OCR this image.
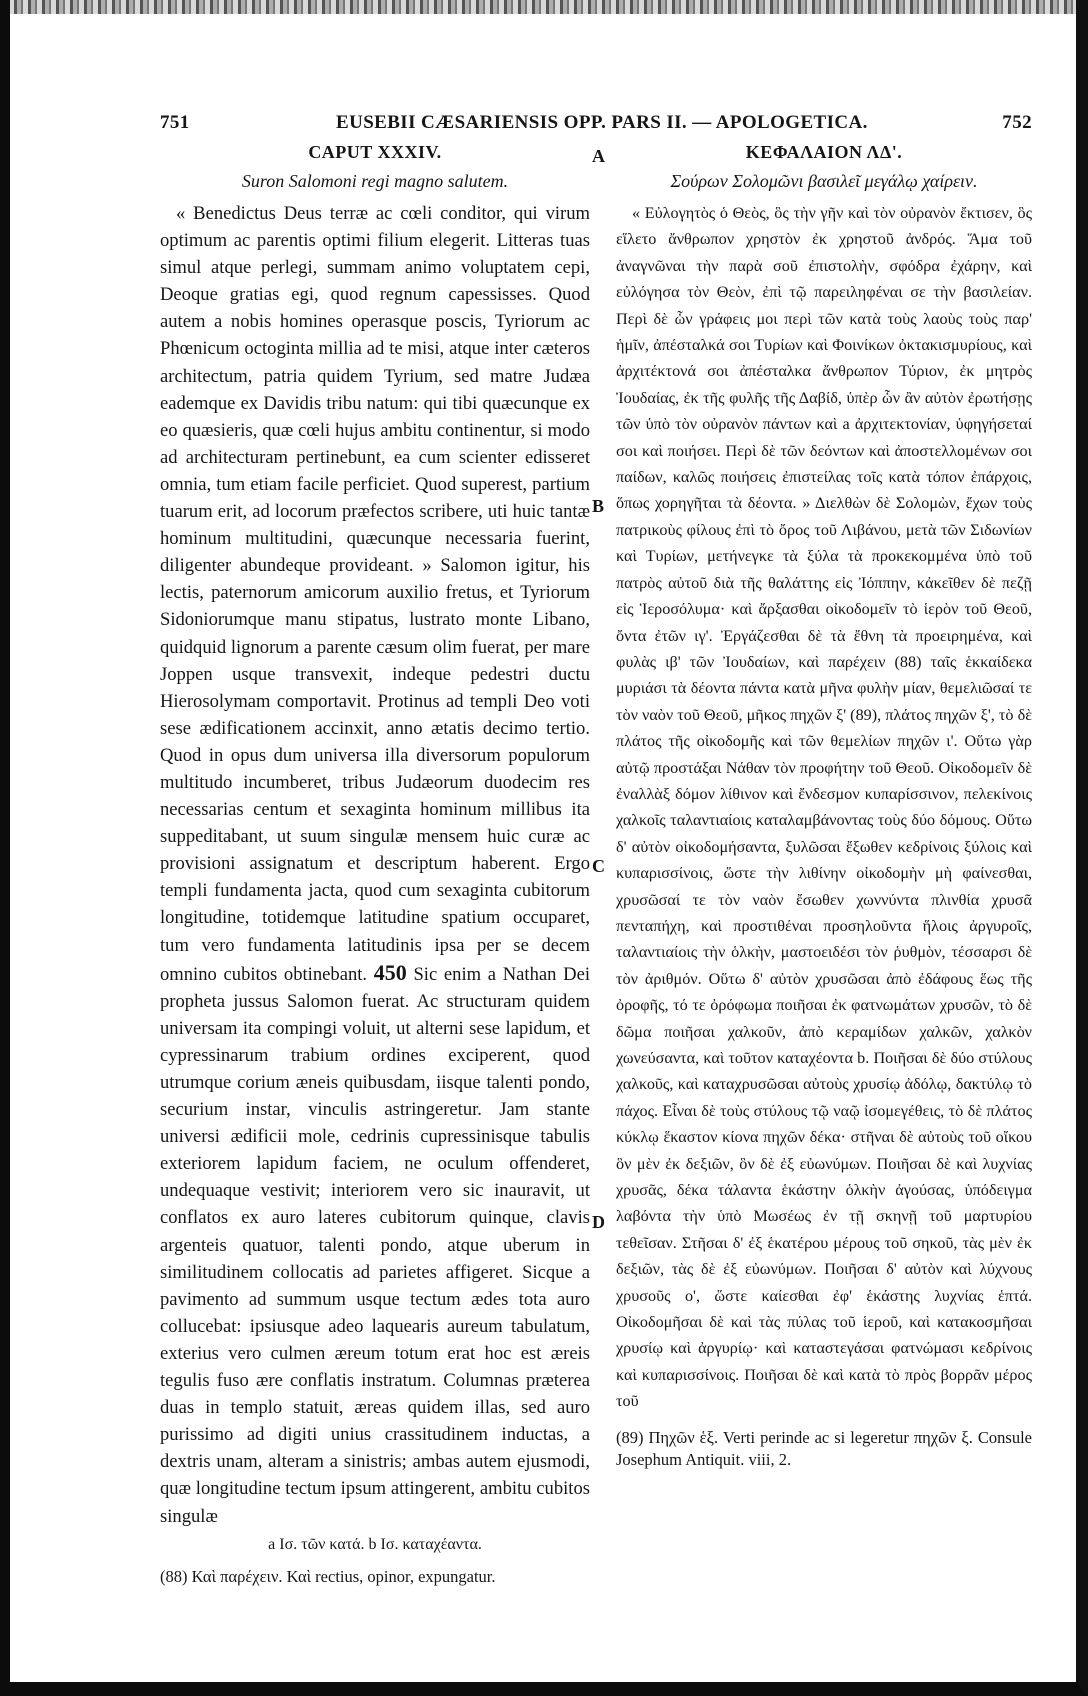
751	EUSEBII CÆSARIENSIS OPP. PARS II. — APOLOGETICA.	752
CAPUT XXXIV.
Suron Salomoni regi magno salutem.
« Benedictus Deus terræ ac cœli conditor, qui virum optimum ac parentis optimi filium elegerit. Litteras tuas simul atque perlegi, summam animo voluptatem cepi, Deoque gratias egi, quod regnum capessisses. Quod autem a nobis homines operasque poscis, Tyriorum ac Phœnicum octoginta millia ad te misi, atque inter cæteros architectum, patria quidem Tyrium, sed matre Judæa eademque ex Davidis tribu natum: qui tibi quæcunque ex eo quæsieris, quæ cœli hujus ambitu continentur, si modo ad architecturam pertinebunt, ea cum scienter edisseret omnia, tum etiam facile perficiet. Quod superest, partium tuarum erit, ad locorum præfectos scribere, uti huic tantæ hominum multitudini, quæcunque necessaria fuerint, diligenter abundeque provideant. » Salomon igitur, his lectis, paternorum amicorum auxilio fretus, et Tyriorum Sidoniorumque manu stipatus, lustrato monte Libano, quidquid lignorum a parente cæsum olim fuerat, per mare Joppen usque transvexit, indeque pedestri ductu Hierosolymam comportavit. Protinus ad templi Deo voti sese ædificationem accinxit, anno ætatis decimo tertio. Quod in opus dum universa illa diversorum populorum multitudo incumberet, tribus Judæorum duodecim res necessarias centum et sexaginta hominum millibus ita suppeditabant, ut suum singulæ mensem huic curæ ac provisioni assignatum et descriptum haberent. Ergo templi fundamenta jacta, quod cum sexaginta cubitorum longitudine, totidemque latitudine spatium occuparet, tum vero fundamenta latitudinis ipsa per se decem omnino cubitos obtinebant. 450 Sic enim a Nathan Dei propheta jussus Salomon fuerat. Ac structuram quidem universam ita compingi voluit, ut alterni sese lapidum, et cypressinarum trabium ordines exciperent, quod utrumque corium æneis quibusdam, iisque talenti pondo, securium instar, vinculis astringeretur. Jam stante universi ædificii mole, cedrinis cupressinisque tabulis exteriorem lapidum faciem, ne oculum offenderet, undequaque vestivit; interiorem vero sic inauravit, ut conflatos ex auro lateres cubitorum quinque, clavis argenteis quatuor, talenti pondo, atque uberum in similitudinem collocatis ad parietes affigeret. Sicque a pavimento ad summum usque tectum ædes tota auro collucebat: ipsiusque adeo laquearis aureum tabulatum, exterius vero culmen æreum totum erat hoc est æreis tegulis fuso ære conflatis instratum. Columnas præterea duas in templo statuit, æreas quidem illas, sed auro purissimo ad digiti unius crassitudinem inductas, a dextris unam, alteram a sinistris; ambas autem ejusmodi, quæ longitudine tectum ipsum attingerent, ambitu cubitos singulæ
a Ισ. τῶν κατά. b Ισ. καταχέαντα.
(88) Καὶ παρέχειν. Καὶ rectius, opinor, expungatur.
A
B
C
D
ΚΕΦΑΛΑΙΟΝ ΛΔ'.
Σούρων Σολομῶνι βασιλεῖ μεγάλῳ χαίρειν.
« Εὐλογητὸς ὁ Θεὸς, ὃς τὴν γῆν καὶ τὸν οὐρανὸν ἔκτισεν, ὃς εἵλετο ἄνθρωπον χρηστὸν ἐκ χρηστοῦ ἀνδρός. Ἅμα τοῦ ἀναγνῶναι τὴν παρὰ σοῦ ἐπιστολὴν, σφόδρα ἐχάρην, καὶ εὐλόγησα τὸν Θεὸν, ἐπὶ τῷ παρειληφέναι σε τὴν βασιλείαν. Περὶ δὲ ὧν γράφεις μοι περὶ τῶν κατὰ τοὺς λαοὺς τοὺς παρ' ἡμῖν, ἀπέσταλκά σοι Τυρίων καὶ Φοινίκων ὀκτακισμυρίους, καὶ ἀρχιτέκτονά σοι ἀπέσταλκα ἄνθρωπον Τύριον, ἐκ μητρὸς Ἰουδαίας, ἐκ τῆς φυλῆς τῆς Δαβίδ, ὑπὲρ ὧν ἂν αὐτὸν ἐρωτήσῃς τῶν ὑπὸ τὸν οὐρανὸν πάντων καὶ a ἀρχιτεκτονίαν, ὑφηγήσεταί σοι καὶ ποιήσει. Περὶ δὲ τῶν δεόντων καὶ ἀποστελλομένων σοι παίδων, καλῶς ποιήσεις ἐπιστείλας τοῖς κατὰ τόπον ἐπάρχοις, ὅπως χορηγῆται τὰ δέοντα. » Διελθὼν δὲ Σολομὼν, ἔχων τοὺς πατρικοὺς φίλους ἐπὶ τὸ ὄρος τοῦ Λιβάνου, μετὰ τῶν Σιδωνίων καὶ Τυρίων, μετήνεγκε τὰ ξύλα τὰ προκεκομμένα ὑπὸ τοῦ πατρὸς αὐτοῦ διὰ τῆς θαλάττης εἰς Ἰόππην, κἀκεῖθεν δὲ πεζῇ εἰς Ἱεροσόλυμα· καὶ ἄρξασθαι οἰκοδομεῖν τὸ ἱερὸν τοῦ Θεοῦ, ὄντα ἐτῶν ιγ'. Ἐργάζεσθαι δὲ τὰ ἔθνη τὰ προειρημένα, καὶ φυλὰς ιβ' τῶν Ἰουδαίων, καὶ παρέχειν (88) ταῖς ἑκκαίδεκα μυριάσι τὰ δέοντα πάντα κατὰ μῆνα φυλὴν μίαν, θεμελιῶσαί τε τὸν ναὸν τοῦ Θεοῦ, μῆκος πηχῶν ξ' (89), πλάτος πηχῶν ξ', τὸ δὲ πλάτος τῆς οἰκοδομῆς καὶ τῶν θεμελίων πηχῶν ι'. Οὕτω γὰρ αὐτῷ προστάξαι Νάθαν τὸν προφήτην τοῦ Θεοῦ. Οἰκοδομεῖν δὲ ἐναλλὰξ δόμον λίθινον καὶ ἔνδεσμον κυπαρίσσινον, πελεκίνοις χαλκοῖς ταλαντιαίοις καταλαμβάνοντας τοὺς δύο δόμους. Οὕτω δ' αὐτὸν οἰκοδομήσαντα, ξυλῶσαι ἔξωθεν κεδρίνοις ξύλοις καὶ κυπαρισσίνοις, ὥστε τὴν λιθίνην οἰκοδομὴν μὴ φαίνεσθαι, χρυσῶσαί τε τὸν ναὸν ἔσωθεν χωννύντα πλινθία χρυσᾶ πενταπήχη, καὶ προστιθέναι προσηλοῦντα ἥλοις ἀργυροῖς, ταλαντιαίοις τὴν ὁλκὴν, μαστοειδέσι τὸν ῥυθμὸν, τέσσαρσι δὲ τὸν ἀριθμόν. Οὕτω δ' αὐτὸν χρυσῶσαι ἀπὸ ἐδάφους ἕως τῆς ὀροφῆς, τό τε ὀρόφωμα ποιῆσαι ἐκ φατνωμάτων χρυσῶν, τὸ δὲ δῶμα ποιῆσαι χαλκοῦν, ἀπὸ κεραμίδων χαλκῶν, χαλκὸν χωνεύσαντα, καὶ τοῦτον καταχέοντα b. Ποιῆσαι δὲ δύο στύλους χαλκοῦς, καὶ καταχρυσῶσαι αὐτοὺς χρυσίῳ ἀδόλῳ, δακτύλῳ τὸ πάχος. Εἶναι δὲ τοὺς στύλους τῷ ναῷ ἰσομεγέθεις, τὸ δὲ πλάτος κύκλῳ ἕκαστον κίονα πηχῶν δέκα· στῆναι δὲ αὐτοὺς τοῦ οἴκου ὃν μὲν ἐκ δεξιῶν, ὃν δὲ ἐξ εὐωνύμων. Ποιῆσαι δὲ καὶ λυχνίας χρυσᾶς, δέκα τάλαντα ἑκάστην ὁλκὴν ἀγούσας, ὑπόδειγμα λαβόντα τὴν ὑπὸ Μωσέως ἐν τῇ σκηνῇ τοῦ μαρτυρίου τεθεῖσαν. Στῆσαι δ' ἐξ ἑκατέρου μέρους τοῦ σηκοῦ, τὰς μὲν ἐκ δεξιῶν, τὰς δὲ ἐξ εὐωνύμων. Ποιῆσαι δ' αὐτὸν καὶ λύχνους χρυσοῦς ο', ὥστε καίεσθαι ἐφ' ἑκάστης λυχνίας ἑπτά. Οἰκοδομῆσαι δὲ καὶ τὰς πύλας τοῦ ἱεροῦ, καὶ κατακοσμῆσαι χρυσίῳ καὶ ἀργυρίῳ· καὶ καταστεγάσαι φατνώμασι κεδρίνοις καὶ κυπαρισσίνοις. Ποιῆσαι δὲ καὶ κατὰ τὸ πρὸς βορρᾶν μέρος τοῦ
(89) Πηχῶν ἑξ. Verti perinde ac si legeretur πηχῶν ξ. Consule Josephum Antiquit. viii, 2.
